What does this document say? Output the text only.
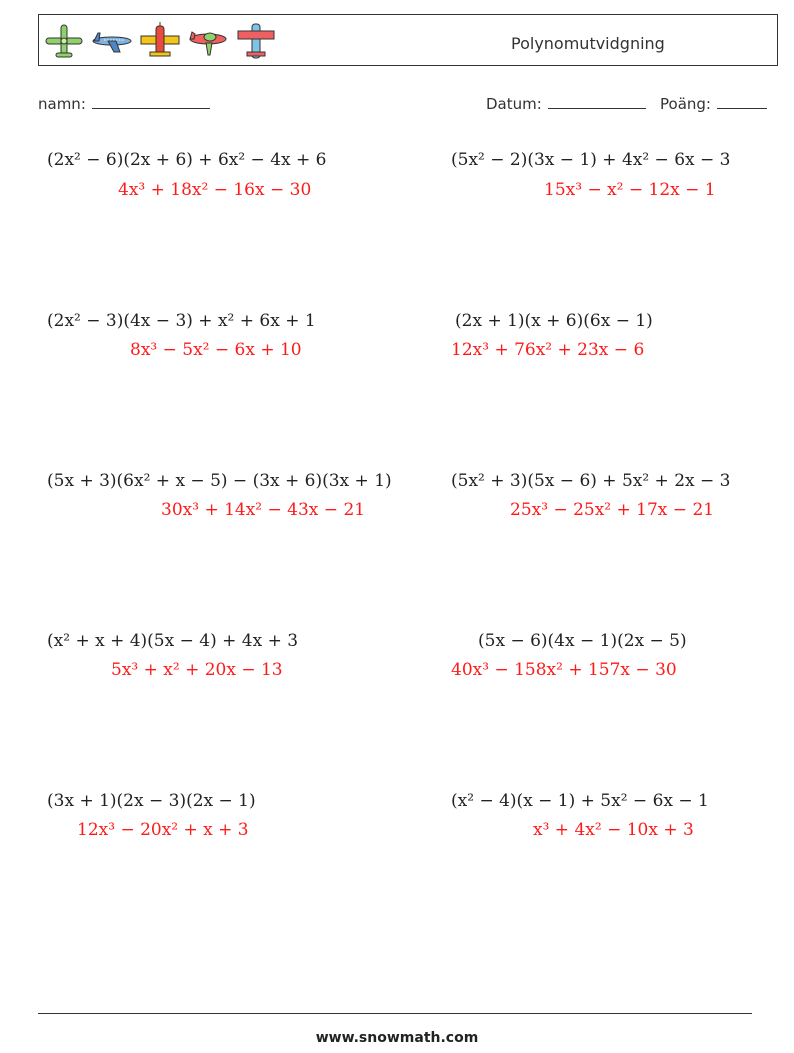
Polynomutvidgning
namn:	Datum:	Poäng:
(2x² − 6)(2x + 6) + 6x² − 4x + 6
4x³ + 18x² − 16x − 30
(5x² − 2)(3x − 1) + 4x² − 6x − 3
15x³ − x² − 12x − 1
(2x² − 3)(4x − 3) + x² + 6x + 1
8x³ − 5x² − 6x + 10
(2x + 1)(x + 6)(6x − 1)
12x³ + 76x² + 23x − 6
(5x + 3)(6x² + x − 5) − (3x + 6)(3x + 1)
30x³ + 14x² − 43x − 21
(5x² + 3)(5x − 6) + 5x² + 2x − 3
25x³ − 25x² + 17x − 21
(x² + x + 4)(5x − 4) + 4x + 3
5x³ + x² + 20x − 13
(5x − 6)(4x − 1)(2x − 5)
40x³ − 158x² + 157x − 30
(3x + 1)(2x − 3)(2x − 1)
12x³ − 20x² + x + 3
(x² − 4)(x − 1) + 5x² − 6x − 1
x³ + 4x² − 10x + 3
www.snowmath.com
